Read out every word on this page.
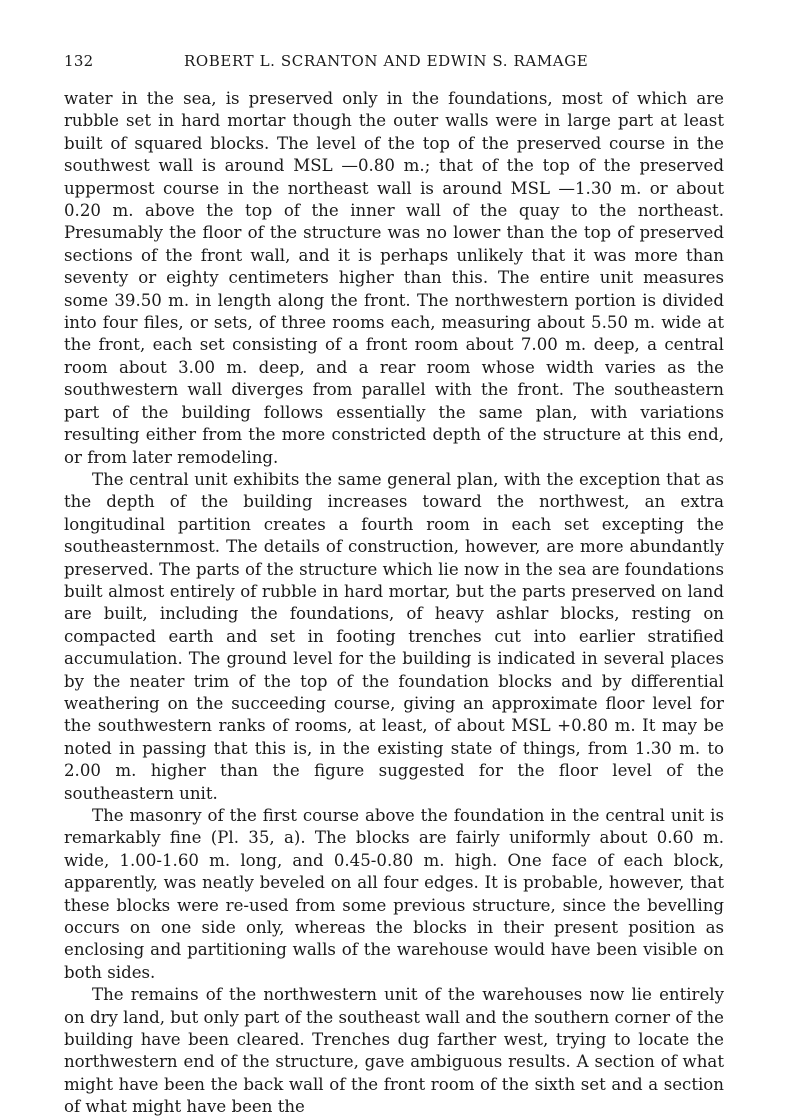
132	ROBERT L. SCRANTON AND EDWIN S. RAMAGE

water in the sea, is preserved only in the foundations, most of which are rubble set in hard mortar though the outer walls were in large part at least built of squared blocks. The level of the top of the preserved course in the southwest wall is around MSL —0.80 m.; that of the top of the preserved uppermost course in the northeast wall is around MSL —1.30 m. or about 0.20 m. above the top of the inner wall of the quay to the northeast. Presumably the floor of the structure was no lower than the top of preserved sections of the front wall, and it is perhaps unlikely that it was more than seventy or eighty centimeters higher than this. The entire unit measures some 39.50 m. in length along the front. The northwestern portion is divided into four files, or sets, of three rooms each, measuring about 5.50 m. wide at the front, each set consisting of a front room about 7.00 m. deep, a central room about 3.00 m. deep, and a rear room whose width varies as the southwestern wall diverges from parallel with the front. The southeastern part of the building follows essentially the same plan, with variations resulting either from the more constricted depth of the structure at this end, or from later remodeling.

The central unit exhibits the same general plan, with the exception that as the depth of the building increases toward the northwest, an extra longitudinal partition creates a fourth room in each set excepting the southeasternmost. The details of construction, however, are more abundantly preserved. The parts of the structure which lie now in the sea are foundations built almost entirely of rubble in hard mortar, but the parts preserved on land are built, including the foundations, of heavy ashlar blocks, resting on compacted earth and set in footing trenches cut into earlier stratified accumulation. The ground level for the building is indicated in several places by the neater trim of the top of the foundation blocks and by differential weathering on the succeeding course, giving an approximate floor level for the southwestern ranks of rooms, at least, of about MSL +0.80 m. It may be noted in passing that this is, in the existing state of things, from 1.30 m. to 2.00 m. higher than the figure suggested for the floor level of the southeastern unit.

The masonry of the first course above the foundation in the central unit is remarkably fine (Pl. 35, a). The blocks are fairly uniformly about 0.60 m. wide, 1.00-1.60 m. long, and 0.45-0.80 m. high. One face of each block, apparently, was neatly beveled on all four edges. It is probable, however, that these blocks were re-used from some previous structure, since the bevelling occurs on one side only, whereas the blocks in their present position as enclosing and partitioning walls of the warehouse would have been visible on both sides.

The remains of the northwestern unit of the warehouses now lie entirely on dry land, but only part of the southeast wall and the southern corner of the building have been cleared. Trenches dug farther west, trying to locate the northwestern end of the structure, gave ambiguous results. A section of what might have been the back wall of the front room of the sixth set and a section of what might have been the
